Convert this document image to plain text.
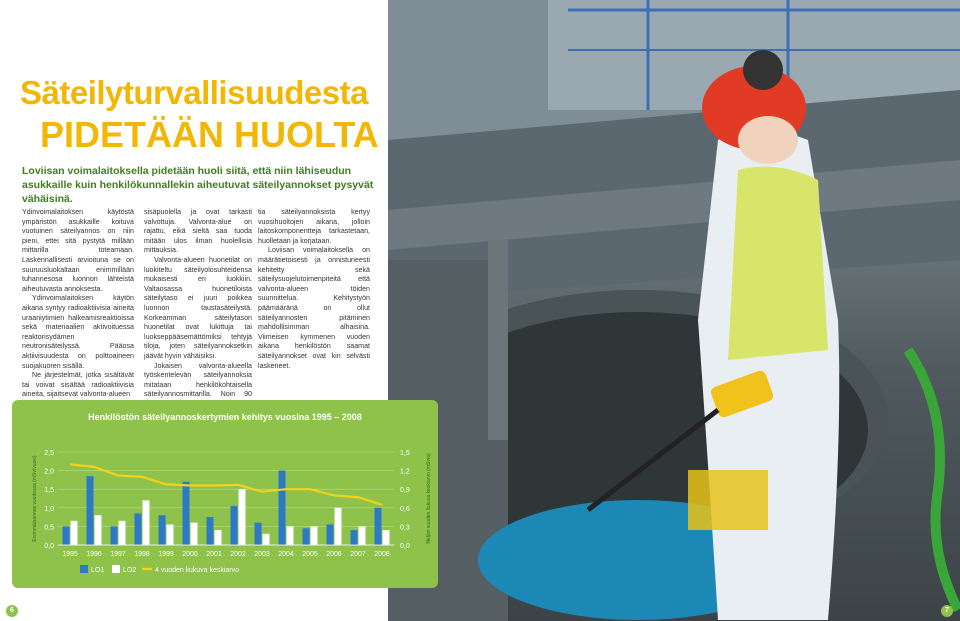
Säteilyturvallisuudesta
PIDETÄÄN HUOLTA
Loviisan voimalaitoksella pidetään huoli siitä, että niin lähiseudun asukkaille kuin henkilökunnallekin aiheutuvat säteilyannokset pysyvät vähäisinä.

Ydinvoimalaitoksen käytöstä ympäristön asukkaille koituva vuotuinen säteilyannos on niin pieni, ettei sitä pystytä millään mittarilla toteamaan. Laskennallisesti arvioituna se on suuruusluokaltaan enimmillään tuhannesosa luonnon lähteistä aiheutuvasta annoksesta.

Ydinvoimalaitoksen käytön aikana syntyy radioaktiivisia aineita uraaniytimien halkeamisreaktioissa sekä materiaalien aktivoituessa reaktorisydämen neutronisäteilyssä. Pääosa aktiivisuudesta on polttoaineen suojakuoren sisällä.

Ne järjestelmät, jotka sisältävät tai voivat sisältää radioaktiivisia aineita, sijaitsevat valvonta-alueen

sisäpuolella ja ovat tarkasti valvottuja. Valvonta-alue on rajattu, eikä sieltä saa tuoda mitään ulos ilman huolellisia mittauksia.

Valvonta-alueen huonetilat on luokiteltu säteilyolosuhteidensa mukaisesti eri luokkiin. Valtaosassa huonetiloista säteilytaso ei juuri poikkea luonnon taustasäteilystä. Korkeamman säteilytason huonetilat ovat lukittuja tai luokseppääsemättömiksi tehtyjä tiloja, joten säteilyannoksetkin jäävät hyvin vähäisiksi.

Jokaisen valvonta-alueella työskentelevän säteilyannoksia mitataan henkilökohtaisella säteilyannosmittarilla. Noin 90

tia säteilyannoksista kertyy vuosihuoltojen aikana, jolloin laitoskomponentteja tarkastetaan, huolletaan ja korjataan.

Loviisan voimalaitoksella on määrätietoisesti ja onnistuneesti kehitetty sekä säteilysuojelutoimenpiteitä että valvonta-alueen töiden suunnittelua. Kehitystyön päämääränä on ollut säteilyannosten pitäminen mahdollisimman alhaisina. Viimeisen kymmenen vuoden aikana henkilöstön saamat säteilyannokset ovat kin selvästi laskeneet.

Henkilöstön säteilyannoskertymien kehitys vuosina 1995 – 2008
0,0
0,5
1,0
1,5
2,0
2,5
0,0
0,3
0,6
0,9
1,2
1,5
Enimmäisannos vuodessa (mSv/vuosi)	Neljän vuoden liukuva keskiarvo (mSv/a)
1995 1996 1997 1998 1999 2000 2001 2002 2003 2004 2005 2006 2007 2008
LO1	LO2	4 vuoden liukuva keskiarvo
6	7
